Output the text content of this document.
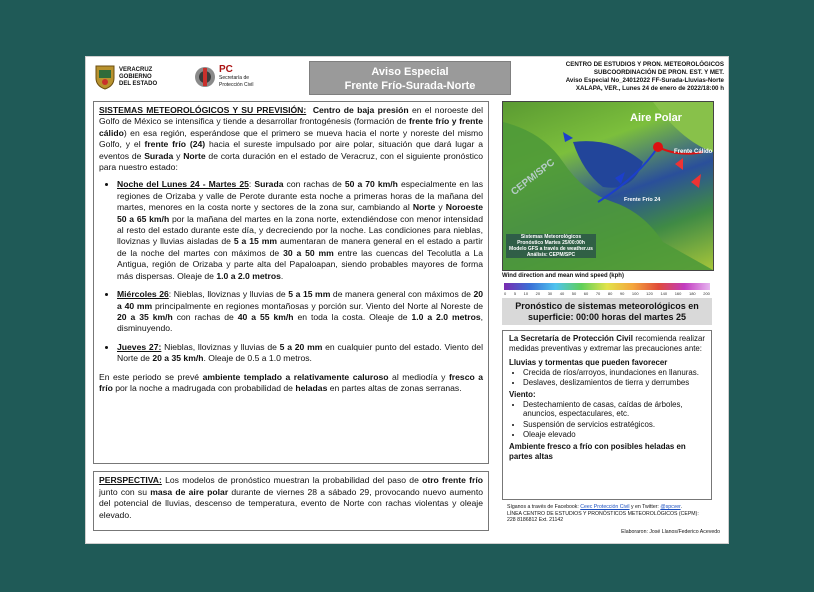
VERACRUZ
GOBIERNO
DEL ESTADO
PC
Secretaría de
Protección Civil
Aviso Especial
Frente Frío-Surada-Norte
CENTRO DE ESTUDIOS Y PRON. METEOROLÓGICOS
SUBCOORDINACIÓN DE PRON. EST. Y MET.
Aviso Especial No_24012022 FF-Surada-Lluvias-Norte
XALAPA, VER., Lunes 24 de enero de 2022/18:00 h

SISTEMAS METEOROLÓGICOS Y SU PREVISIÓN: Centro de baja presión en el noroeste del Golfo de México se intensifica y tiende a desarrollar frontogénesis (formación de frente frío y frente cálido) en esa región, esperándose que el primero se mueva hacia el norte y noreste del mismo Golfo, y el frente frío (24) hacia el sureste impulsado por aire polar, situación que dará lugar a eventos de Surada y Norte de corta duración en el estado de Veracruz, con el siguiente pronóstico para nuestro estado:

• Noche del Lunes 24 - Martes 25: Surada con rachas de 50 a 70 km/h especialmente en las regiones de Orizaba y valle de Perote durante esta noche a primeras horas de la mañana del martes, menores en la costa norte y sectores de la zona sur, cambiando al Norte y Noroeste 50 a 65 km/h por la mañana del martes en la zona norte, extendiéndose con menor intensidad al resto del estado durante este día, y decreciendo por la noche. Las condiciones para nieblas, lloviznas y lluvias aisladas de 5 a 15 mm aumentaran de manera general en el estado a partir de la noche del martes con máximos de 30 a 50 mm entre las cuencas del Tecolutla a La Antigua, región de Orizaba y parte alta del Papaloapan, siendo probables mayores de forma más dispersas. Oleaje de 1.0 a 2.0 metros.
• Miércoles 26: Nieblas, lloviznas y lluvias de 5 a 15 mm de manera general con máximos de 20 a 40 mm principalmente en regiones montañosas y porción sur. Viento del Norte al Noreste de 20 a 35 km/h con rachas de 40 a 55 km/h en toda la costa. Oleaje de 1.0 a 2.0 metros, disminuyendo.
• Jueves 27: Nieblas, lloviznas y lluvias de 5 a 20 mm en cualquier punto del estado. Viento del Norte de 20 a 35 km/h. Oleaje de 0.5 a 1.0 metros.

En este periodo se prevé ambiente templado a relativamente caluroso al mediodía y fresco a frío por la noche a madrugada con probabilidad de heladas en partes altas de zonas serranas.

PERSPECTIVA: Los modelos de pronóstico muestran la probabilidad del paso de otro frente frío junto con su masa de aire polar durante de viernes 28 a sábado 29, provocando nuevo aumento del potencial de lluvias, descenso de temperatura, evento de Norte con rachas violentas y oleaje elevado.
Aire Polar
Frente Cálido
Frente Frío 24
CEPM/SPC
Sistemas Meteorológicos
Pronóstico Martes 25/00:00h
Modelo GFS a través de weather.us
Análisis: CEPM/SPC
Wind direction and mean wind speed (kph)
0 5 10 20 30 40 50 60 70 80 90 100 120 140 160 180 200
Pronóstico de sistemas meteorológicos en superficie: 00:00 horas del martes 25

La Secretaría de Protección Civil recomienda realizar medidas preventivas y extremar las precauciones ante:

Lluvias y tormentas que pueden favorecer
• Crecida de ríos/arroyos, inundaciones en llanuras.
• Deslaves, deslizamientos de tierra y derrumbes
Viento:
• Destechamiento de casas, caídas de árboles, anuncios, espectaculares, etc.
• Suspensión de servicios estratégicos.
• Oleaje elevado
Ambiente fresco a frío con posibles heladas en partes altas
Síganos a través de Facebook: Ceec Protección Civil y en Twitter: @spcver.
LÍNEA CENTRO DE ESTUDIOS Y PRONÓSTICOS METEOROLÓGICOS (CEPM):
228 8186812 Ext. 21142
Elaboraron: José Llanos/Federico Acevedo
